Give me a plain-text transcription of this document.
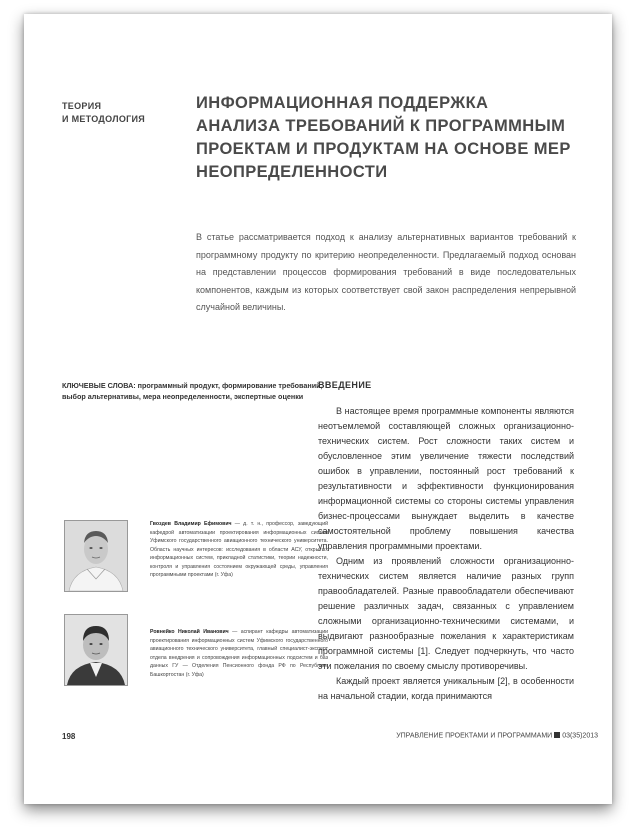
ТЕОРИЯ
И МЕТОДОЛОГИЯ
ИНФОРМАЦИОННАЯ ПОДДЕРЖКА АНАЛИЗА ТРЕБОВАНИЙ К ПРОГРАММНЫМ ПРОЕКТАМ И ПРОДУКТАМ НА ОСНОВЕ МЕР НЕОПРЕДЕЛЕННОСТИ
В статье рассматривается подход к анализу альтернативных вариантов требований к программному продукту по критерию неопределенности. Предлагаемый подход основан на представлении процессов формирования требований в виде последовательных компонентов, каждым из которых соответствует свой закон распределения непрерывной случайной величины.
КЛЮЧЕВЫЕ СЛОВА: программный продукт, формирование требований, выбор альтернативы, мера неопределенности, экспертные оценки
Гвоздев Владимир Ефимович — д. т. н., профессор, заведующий кафедрой автоматизации проектирования информационных систем Уфимского государственного авиационного технического университета. Область научных интересов: исследования в области АСУ, открытых информационных систем, прикладной статистики, теории надежности, контроля и управления состоянием окружающей среды, управления программными проектами (г. Уфа)
Ровнейко Николай Иванович — аспирант кафедры автоматизации проектирования информационных систем Уфимского государственного авиационного технического университета, главный специалист-эксперт отдела внедрения и сопровождения информационных подсистем и баз данных ГУ — Отделения Пенсионного фонда РФ по Республике Башкортостан (г. Уфа)
ВВЕДЕНИЕ

В настоящее время программные компоненты являются неотъемлемой составляющей сложных организационно-технических систем. Рост сложности таких систем и обусловленное этим увеличение тяжести последствий ошибок в управлении, постоянный рост требований к результативности и эффективности функционирования информационной системы со стороны системы управления бизнес-процессами вынуждает выделить в качестве самостоятельной проблему повышения качества управления программными проектами.

Одним из проявлений сложности организационно-технических систем является наличие разных групп правообладателей. Разные правообладатели обеспечивают решение различных задач, связанных с управлением сложными организационно-техническими системами, и выдвигают разнообразные пожелания к характеристикам программной системы [1]. Следует подчеркнуть, что часто эти пожелания по своему смыслу противоречивы.

Каждый проект является уникальным [2], в особенности на начальной стадии, когда принимаются

198	УПРАВЛЕНИЕ ПРОЕКТАМИ И ПРОГРАММАМИ 03(35)2013
